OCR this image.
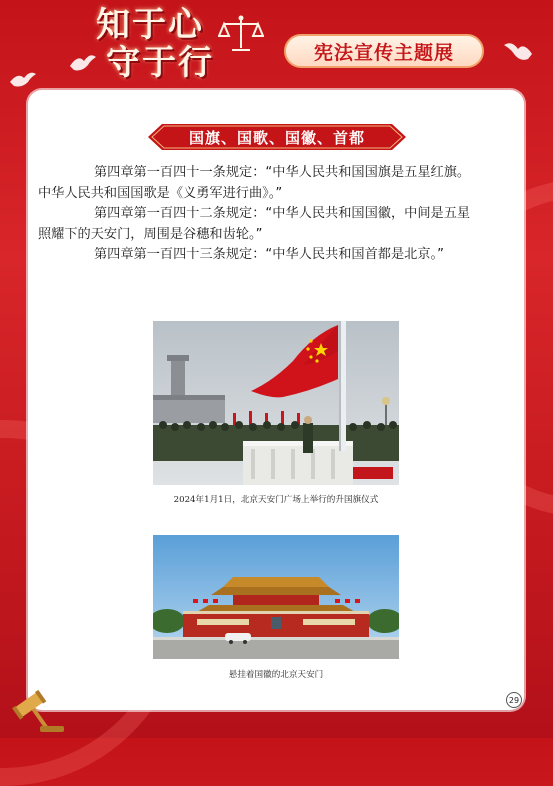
知于心
守于行	宪法宣传主题展
国旗、国歌、国徽、首都

第四章第一百四十一条规定：“中华人民共和国国旗是五星红旗。

中华人民共和国国歌是《义勇军进行曲》。”

第四章第一百四十二条规定：“中华人民共和国国徽，中间是五星

照耀下的天安门，周围是谷穗和齿轮。”

第四章第一百四十三条规定：“中华人民共和国首都是北京。”

2024年1月1日，北京天安门广场上举行的升国旗仪式
悬挂着国徽的北京天安门
29
